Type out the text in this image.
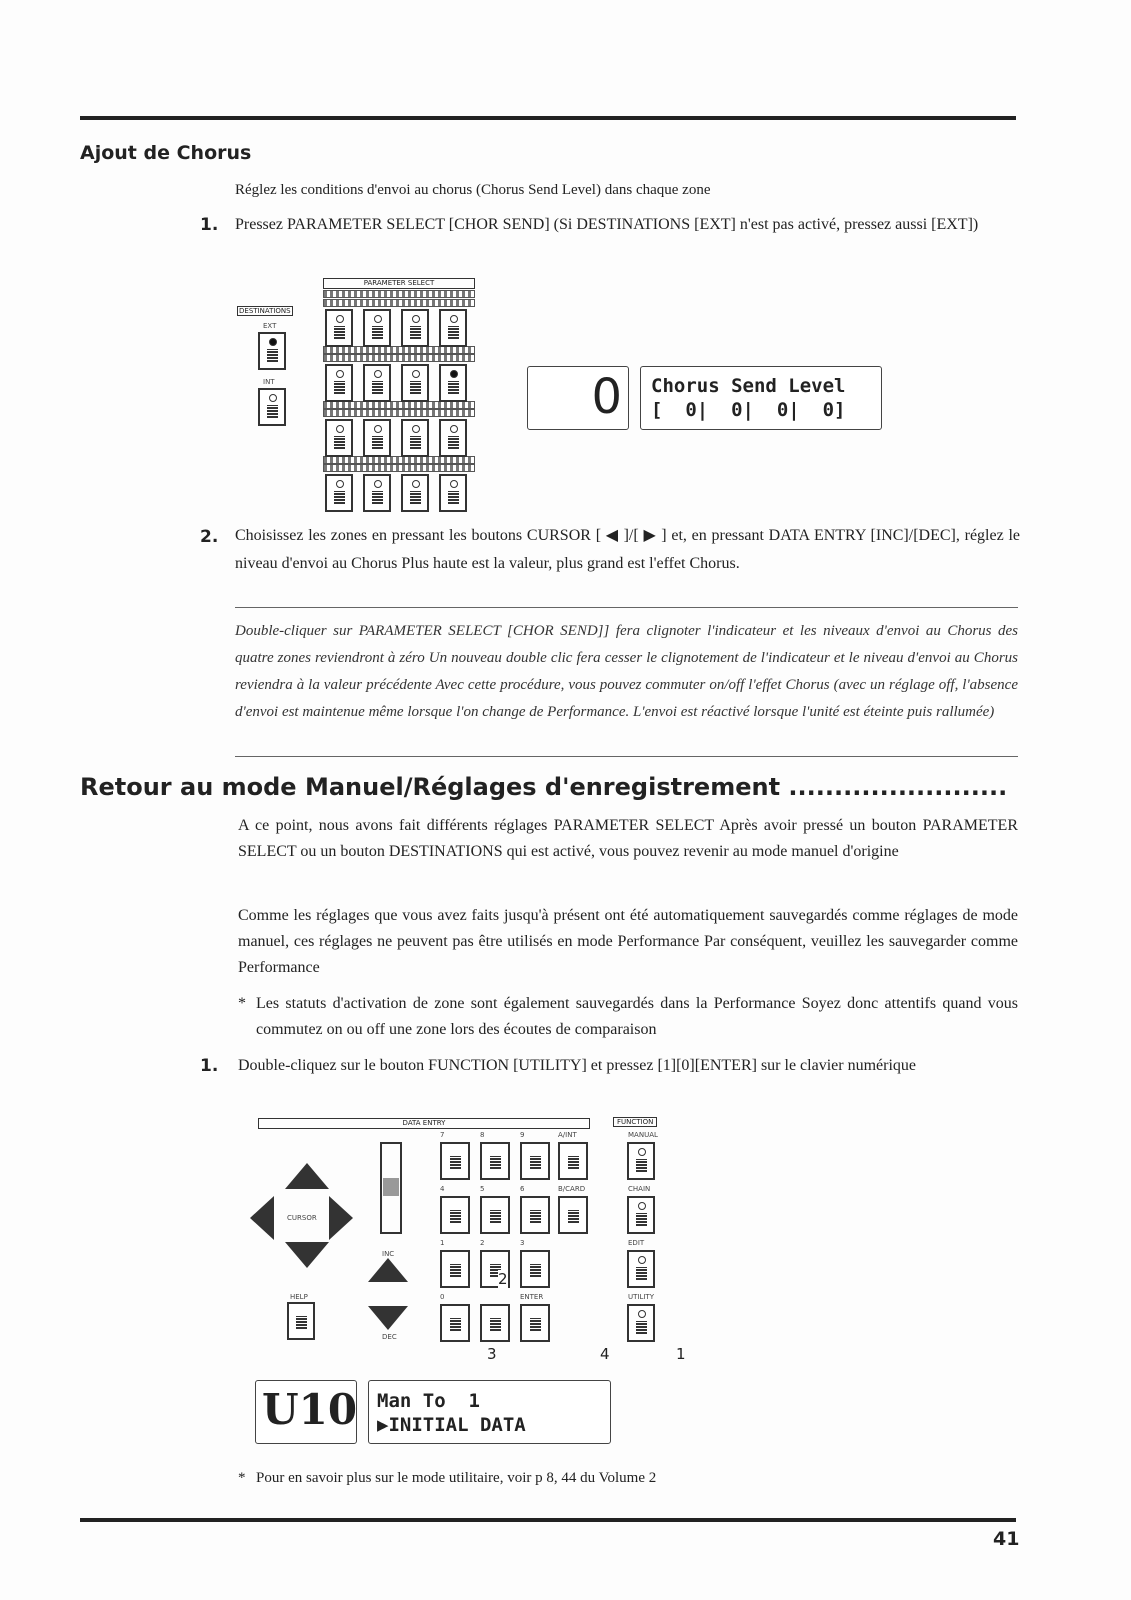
Ajout de Chorus
Réglez les conditions d'envoi au chorus (Chorus Send Level) dans chaque zone
1. Pressez PARAMETER SELECT [CHOR SEND] (Si DESTINATIONS [EXT] n'est pas activé, pressez aussi [EXT])
PARAMETER SELECT
DESTINATIONS
EXT
INT	0 Chorus Send Level
[  0|  0|  0|  0]
2. Choisissez les zones en pressant les boutons CURSOR [ ◀ ]/[ ▶ ] et, en pressant DATA ENTRY [INC]/[DEC], réglez le niveau d'envoi au Chorus Plus haute est la valeur, plus grand est l'effet Chorus.
Double-cliquer sur PARAMETER SELECT [CHOR SEND]] fera clignoter l'indicateur et les niveaux d'envoi au Chorus des quatre zones reviendront à zéro Un nouveau double clic fera cesser le clignotement de l'indicateur et le niveau d'envoi au Chorus reviendra à la valeur précédente Avec cette procédure, vous pouvez commuter on/off l'effet Chorus (avec un réglage off, l'absence d'envoi est maintenue même lorsque l'on change de Performance. L'envoi est réactivé lorsque l'unité est éteinte puis rallumée)
Retour au mode Manuel/Réglages d'enregistrement ........................
A ce point, nous avons fait différents réglages PARAMETER SELECT Après avoir pressé un bouton PARAMETER SELECT ou un bouton DESTINATIONS qui est activé, vous pouvez revenir au mode manuel d'origine
Comme les réglages que vous avez faits jusqu'à présent ont été automatiquement sauvegardés comme réglages de mode manuel, ces réglages ne peuvent pas être utilisés en mode Performance Par conséquent, veuillez les sauvegarder comme Performance
* Les statuts d'activation de zone sont également sauvegardés dans la Performance Soyez donc attentifs quand vous commutez on ou off une zone lors des écoutes de comparaison
1. Double-cliquez sur le bouton FUNCTION [UTILITY] et pressez [1][0][ENTER] sur le clavier numérique
DATA ENTRY	FUNCTION
CURSOR
INC
DEC
HELP
7	8	9	A/INT
4	5	6	B/CARD
1	2	3
0	ENTER
MANUAL
CHAIN
EDIT
UTILITY
2
3	4	1
U10 Man To  1
▶INITIAL DATA
* Pour en savoir plus sur le mode utilitaire, voir p 8, 44 du Volume 2
41
